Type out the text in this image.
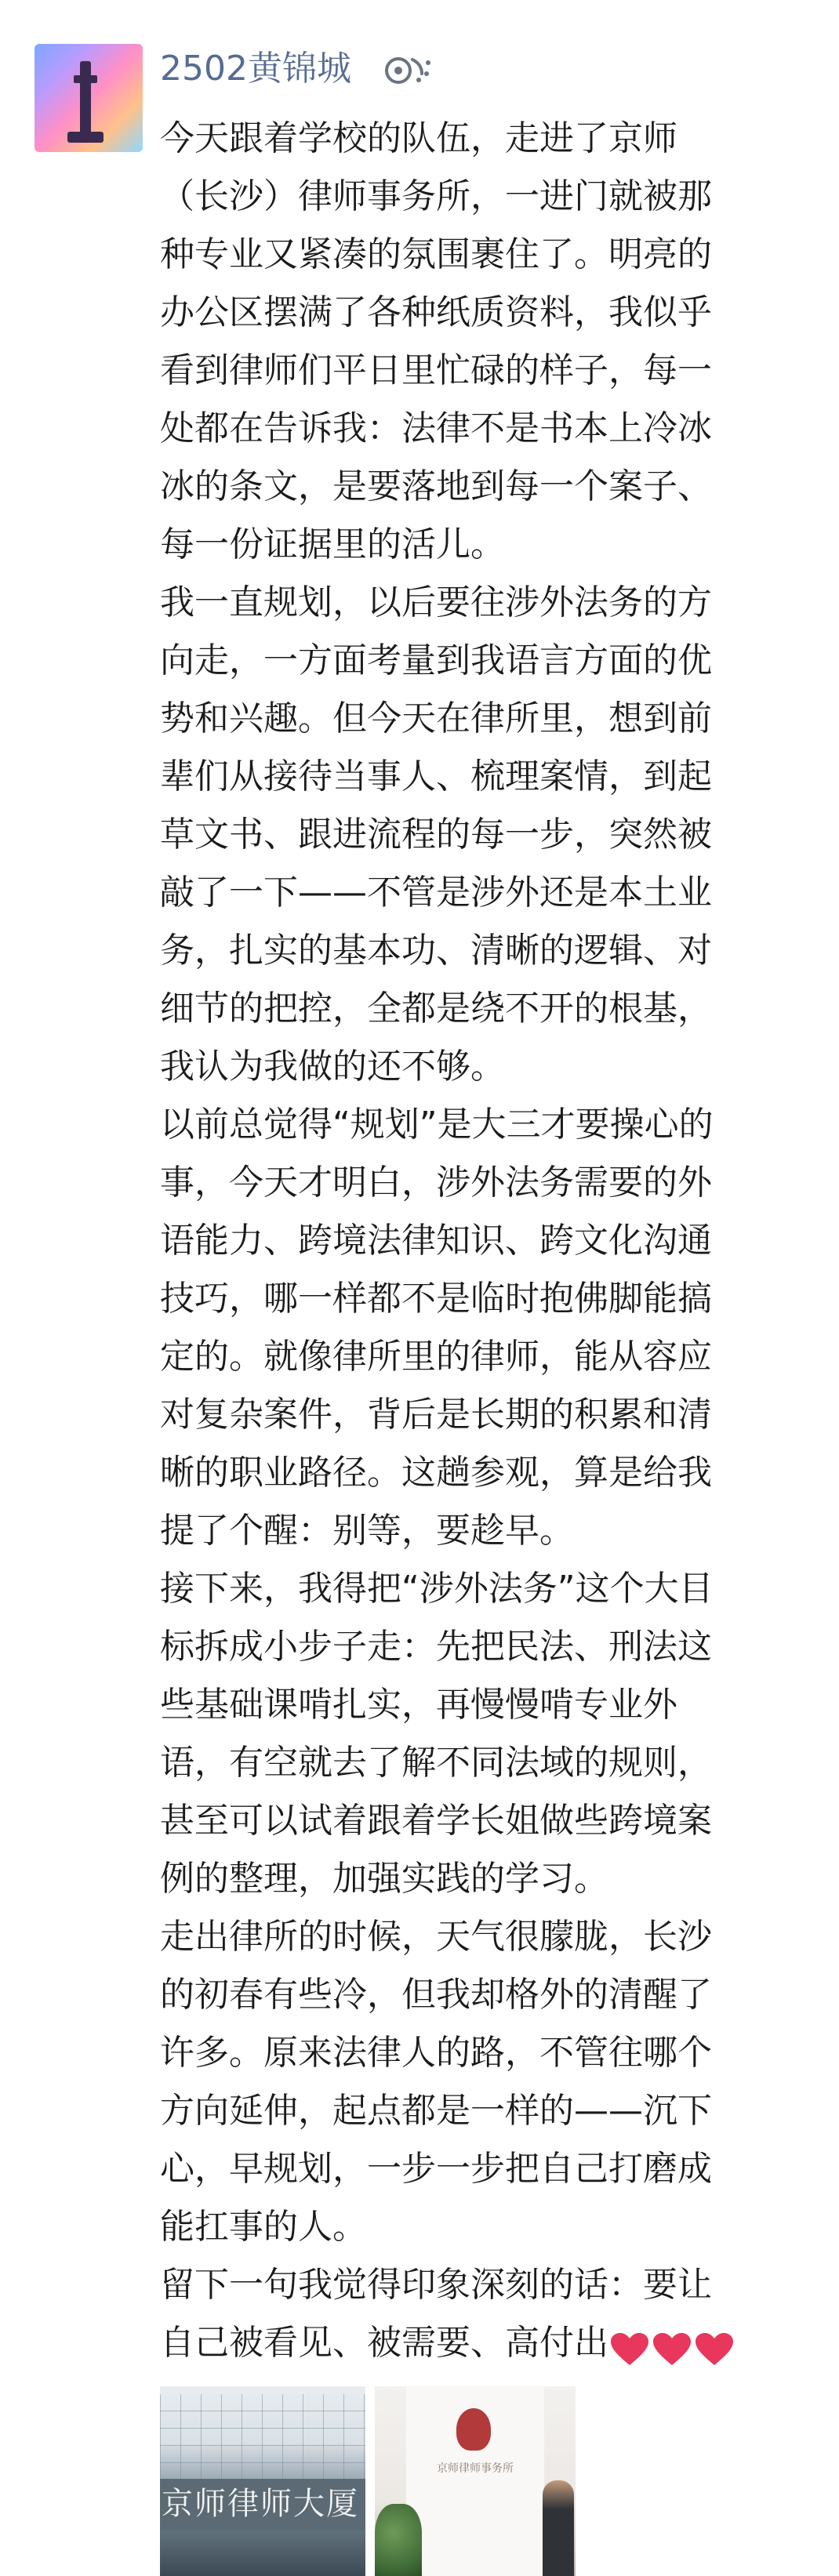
2502黄锦城
今天跟着学校的队伍，走进了京师
（长沙）律师事务所，一进门就被那
种专业又紧凑的氛围裹住了。明亮的
办公区摆满了各种纸质资料，我似乎
看到律师们平日里忙碌的样子，每一
处都在告诉我：法律不是书本上冷冰
冰的条文，是要落地到每一个案子、
每一份证据里的活儿。
我一直规划，以后要往涉外法务的方
向走，一方面考量到我语言方面的优
势和兴趣。但今天在律所里，想到前
辈们从接待当事人、梳理案情，到起
草文书、跟进流程的每一步，突然被
敲了一下——不管是涉外还是本土业
务，扎实的基本功、清晰的逻辑、对
细节的把控，全都是绕不开的根基，
我认为我做的还不够。
以前总觉得“规划”是大三才要操心的
事，今天才明白，涉外法务需要的外
语能力、跨境法律知识、跨文化沟通
技巧，哪一样都不是临时抱佛脚能搞
定的。就像律所里的律师，能从容应
对复杂案件，背后是长期的积累和清
晰的职业路径。这趟参观，算是给我
提了个醒：别等，要趁早。
接下来，我得把“涉外法务”这个大目
标拆成小步子走：先把民法、刑法这
些基础课啃扎实，再慢慢啃专业外
语，有空就去了解不同法域的规则，
甚至可以试着跟着学长姐做些跨境案
例的整理，加强实践的学习。
走出律所的时候，天气很朦胧，长沙
的初春有些冷，但我却格外的清醒了
许多。原来法律人的路，不管往哪个
方向延伸，起点都是一样的——沉下
心，早规划，一步一步把自己打磨成
能扛事的人。
留下一句我觉得印象深刻的话：要让
自己被看见、被需要、高付出
京师律师大厦
京师律师事务所
